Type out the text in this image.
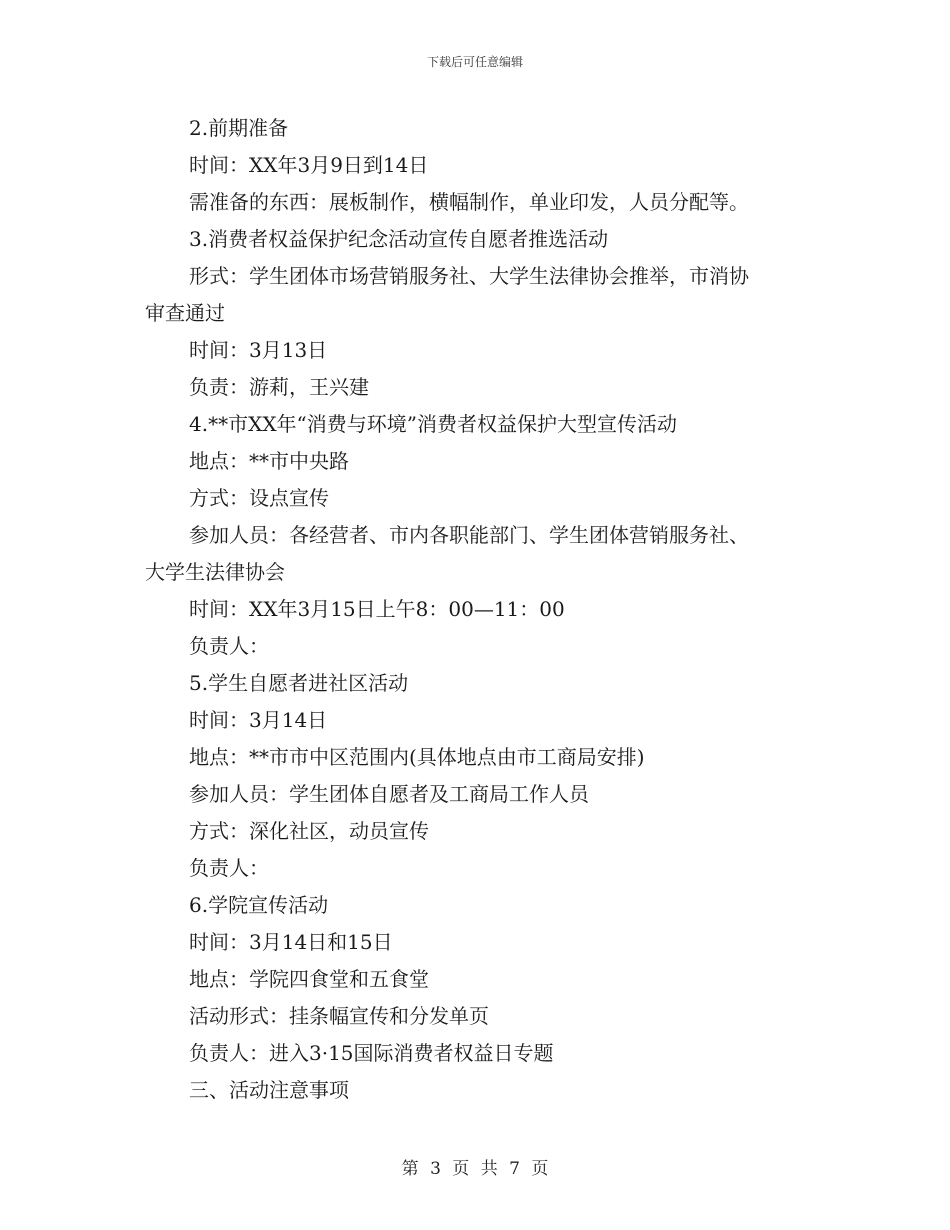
下载后可任意编辑
2.前期准备
时间：XX年3月9日到14日
需准备的东西：展板制作，横幅制作，单业印发，人员分配等。
3.消费者权益保护纪念活动宣传自愿者推选活动
形式：学生团体市场营销服务社、大学生法律协会推举，市消协
审查通过
时间：3月13日
负责：游莉，王兴建
4.**市XX年“消费与环境”消费者权益保护大型宣传活动
地点：**市中央路
方式：设点宣传
参加人员：各经营者、市内各职能部门、学生团体营销服务社、
大学生法律协会
时间：XX年3月15日上午8：00—11：00
负责人：
5.学生自愿者进社区活动
时间：3月14日
地点：**市市中区范围内(具体地点由市工商局安排)
参加人员：学生团体自愿者及工商局工作人员
方式：深化社区，动员宣传
负责人：
6.学院宣传活动
时间：3月14日和15日
地点：学院四食堂和五食堂
活动形式：挂条幅宣传和分发单页
负责人：进入3·15国际消费者权益日专题
三、活动注意事项
第 3 页 共 7 页
